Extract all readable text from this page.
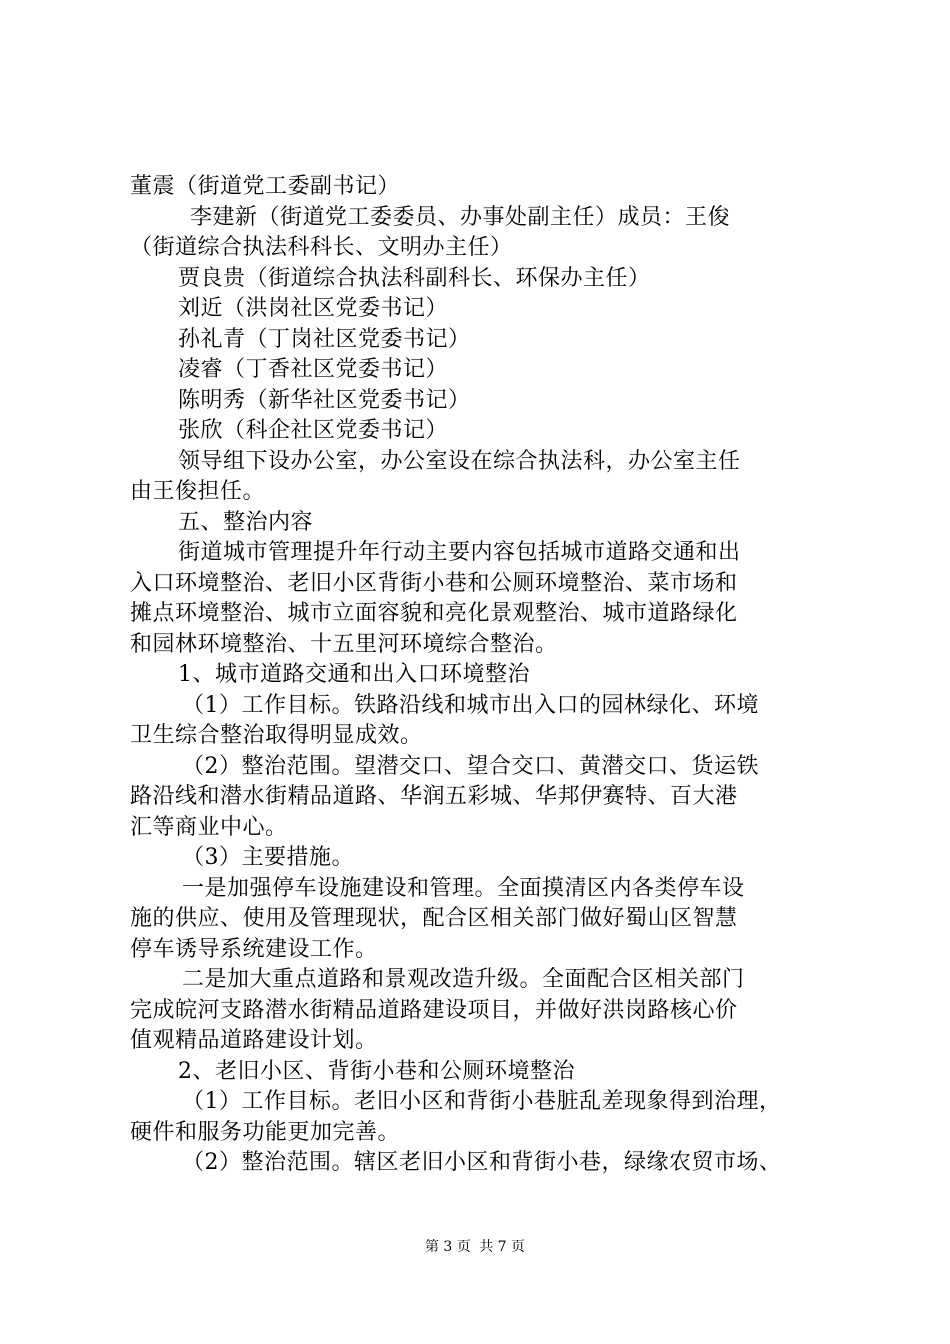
董震（街道党工委副书记）
李建新（街道党工委委员、办事处副主任）成员：王俊
（街道综合执法科科长、文明办主任）
贾良贵（街道综合执法科副科长、环保办主任）
刘近（洪岗社区党委书记）
孙礼青（丁岗社区党委书记）
凌睿（丁香社区党委书记）
陈明秀（新华社区党委书记）
张欣（科企社区党委书记）
领导组下设办公室，办公室设在综合执法科，办公室主任
由王俊担任。
五、整治内容
街道城市管理提升年行动主要内容包括城市道路交通和出
入口环境整治、老旧小区背街小巷和公厕环境整治、菜市场和
摊点环境整治、城市立面容貌和亮化景观整治、城市道路绿化
和园林环境整治、十五里河环境综合整治。
1、城市道路交通和出入口环境整治
（1）工作目标。铁路沿线和城市出入口的园林绿化、环境
卫生综合整治取得明显成效。
（2）整治范围。望潜交口、望合交口、黄潜交口、货运铁
路沿线和潜水街精品道路、华润五彩城、华邦伊赛特、百大港
汇等商业中心。
（3）主要措施。
一是加强停车设施建设和管理。全面摸清区内各类停车设
施的供应、使用及管理现状，配合区相关部门做好蜀山区智慧
停车诱导系统建设工作。
二是加大重点道路和景观改造升级。全面配合区相关部门
完成皖河支路潜水街精品道路建设项目，并做好洪岗路核心价
值观精品道路建设计划。
2、老旧小区、背街小巷和公厕环境整治
（1）工作目标。老旧小区和背街小巷脏乱差现象得到治理，
硬件和服务功能更加完善。
（2）整治范围。辖区老旧小区和背街小巷，绿缘农贸市场、
第 3 页 共 7 页
